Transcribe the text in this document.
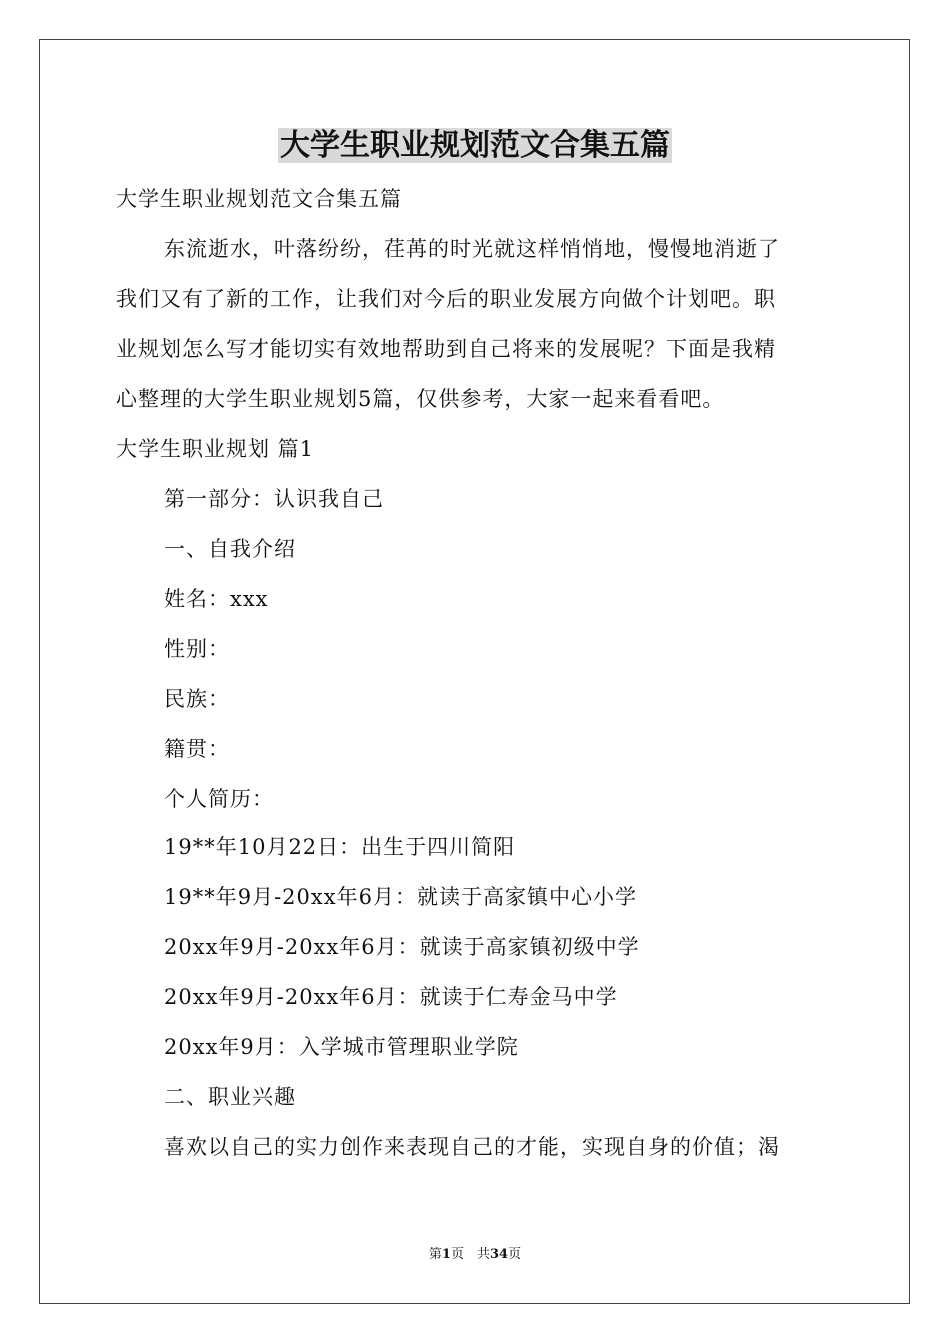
大学生职业规划范文合集五篇
大学生职业规划范文合集五篇
东流逝水，叶落纷纷，荏苒的时光就这样悄悄地，慢慢地消逝了
我们又有了新的工作，让我们对今后的职业发展方向做个计划吧。职
业规划怎么写才能切实有效地帮助到自己将来的发展呢？下面是我精
心整理的大学生职业规划5篇，仅供参考，大家一起来看看吧。
大学生职业规划 篇1
第一部分：认识我自己
一、自我介绍
姓名：xxx
性别：
民族：
籍贯：
个人简历：
19**年10月22日：出生于四川简阳
19**年9月-20xx年6月：就读于高家镇中心小学
20xx年9月-20xx年6月：就读于高家镇初级中学
20xx年9月-20xx年6月：就读于仁寿金马中学
20xx年9月：入学城市管理职业学院
二、职业兴趣
喜欢以自己的实力创作来表现自己的才能，实现自身的价值；渴
第1页　共34页
